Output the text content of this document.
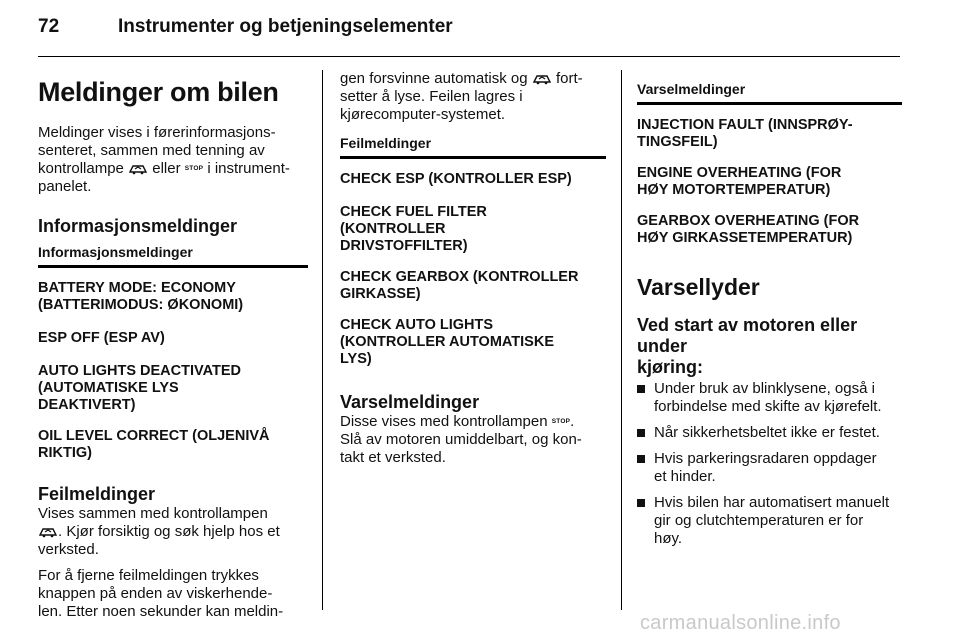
72	Instrumenter og betjeningselementer
Meldinger om bilen

Meldinger vises i førerinformasjons-
senteret, sammen med tenning av
kontrollampe eller STOP i instrument-
panelet.

Informasjonsmeldinger
Informasjonsmeldinger
BATTERY MODE: ECONOMY
(BATTERIMODUS: ØKONOMI)
ESP OFF (ESP AV)
AUTO LIGHTS DEACTIVATED
(AUTOMATISKE LYS
DEAKTIVERT)
OIL LEVEL CORRECT (OLJENIVÅ
RIKTIG)
Feilmeldinger

Vises sammen med kontrollampen
. Kjør forsiktig og søk hjelp hos et
verksted.

For å fjerne feilmeldingen trykkes
knappen på enden av viskerhende-
len. Etter noen sekunder kan meldin-

gen forsvinne automatisk og fort-
setter å lyse. Feilen lagres i
kjørecomputer-systemet.

Feilmeldinger
CHECK ESP (KONTROLLER ESP)
CHECK FUEL FILTER
(KONTROLLER
DRIVSTOFFILTER)
CHECK GEARBOX (KONTROLLER
GIRKASSE)
CHECK AUTO LIGHTS
(KONTROLLER AUTOMATISKE
LYS)
Varselmeldinger

Disse vises med kontrollampen STOP.
Slå av motoren umiddelbart, og kon-
takt et verksted.

Varselmeldinger
INJECTION FAULT (INNSPRØY-
TINGSFEIL)
ENGINE OVERHEATING (FOR
HØY MOTORTEMPERATUR)
GEARBOX OVERHEATING (FOR
HØY GIRKASSETEMPERATUR)
Varsellyder
Ved start av motoren eller under
kjøring:
Under bruk av blinklysene, også i
forbindelse med skifte av kjørefelt.
Når sikkerhetsbeltet ikke er festet.
Hvis parkeringsradaren oppdager
et hinder.
Hvis bilen har automatisert manuelt
gir og clutchtemperaturen er for
høy.
carmanualsonline.info
